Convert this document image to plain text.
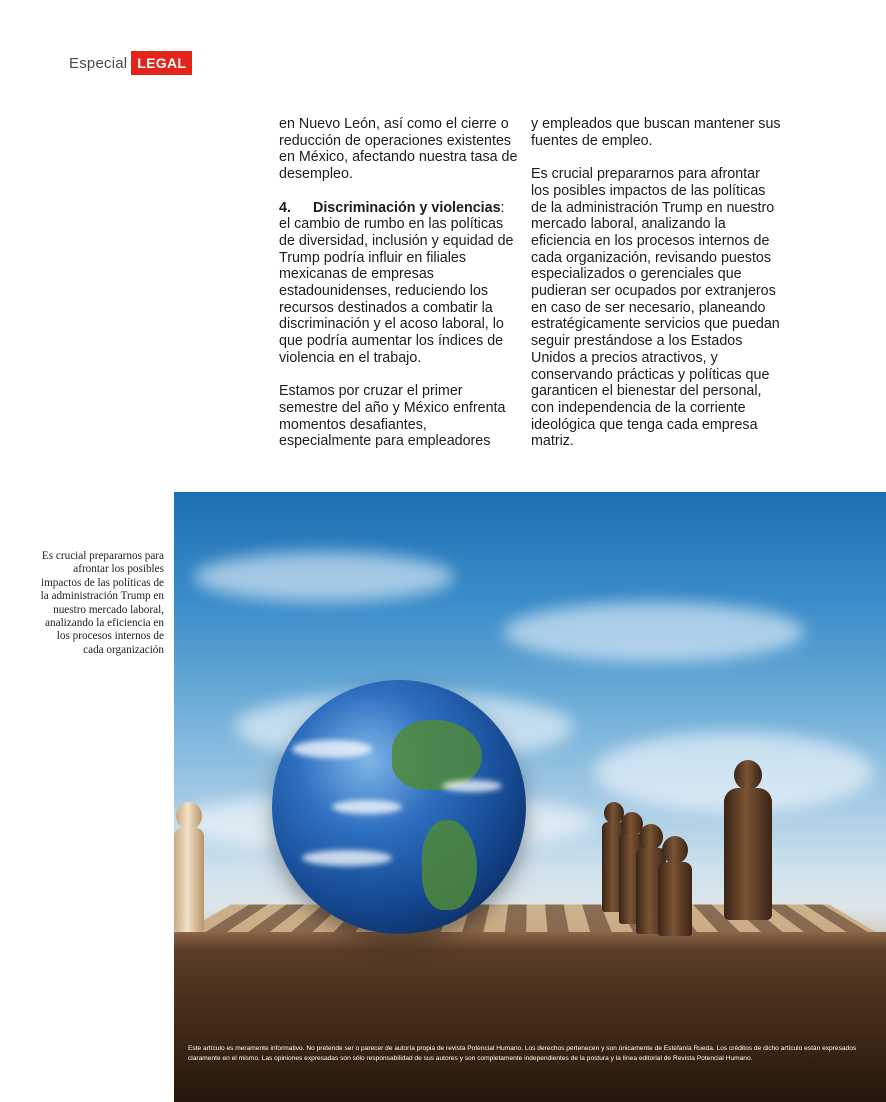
Especial LEGAL

en Nuevo León, así como el cierre o reducción de operaciones existentes en México, afectando nuestra tasa de desempleo.

4. Discriminación y violencias: el cambio de rumbo en las políticas de diversidad, inclusión y equidad de Trump podría influir en filiales mexicanas de empresas estadounidenses, reduciendo los recursos destinados a combatir la discriminación y el acoso laboral, lo que podría aumentar los índices de violencia en el trabajo.

Estamos por cruzar el primer semestre del año y México enfrenta momentos desafiantes, especialmente para empleadores

y empleados que buscan mantener sus fuentes de empleo.

Es crucial prepararnos para afrontar los posibles impactos de las políticas de la administración Trump en nuestro mercado laboral, analizando la eficiencia en los procesos internos de cada organización, revisando puestos especializados o gerenciales que pudieran ser ocupados por extranjeros en caso de ser necesario, planeando estratégicamente servicios que puedan seguir prestándose a los Estados Unidos a precios atractivos, y conservando prácticas y políticas que garanticen el bienestar del personal, con independencia de la corriente ideológica que tenga cada empresa matriz.

Es crucial prepararnos para afrontar los posibles impactos de las políticas de la administración Trump en nuestro mercado laboral, analizando la eficiencia en los procesos internos de cada organización
Este artículo es meramente informativo. No pretende ser o parecer de autoría propia de revista Potencial Humano. Los derechos pertenecen y son únicamente de Estefanía Rueda. Los créditos de dicho artículo están expresados claramente en el mismo. Las opiniones expresadas son sólo responsabilidad de sus autores y son completamente independientes de la postura y la línea editorial de Revista Potencial Humano.
